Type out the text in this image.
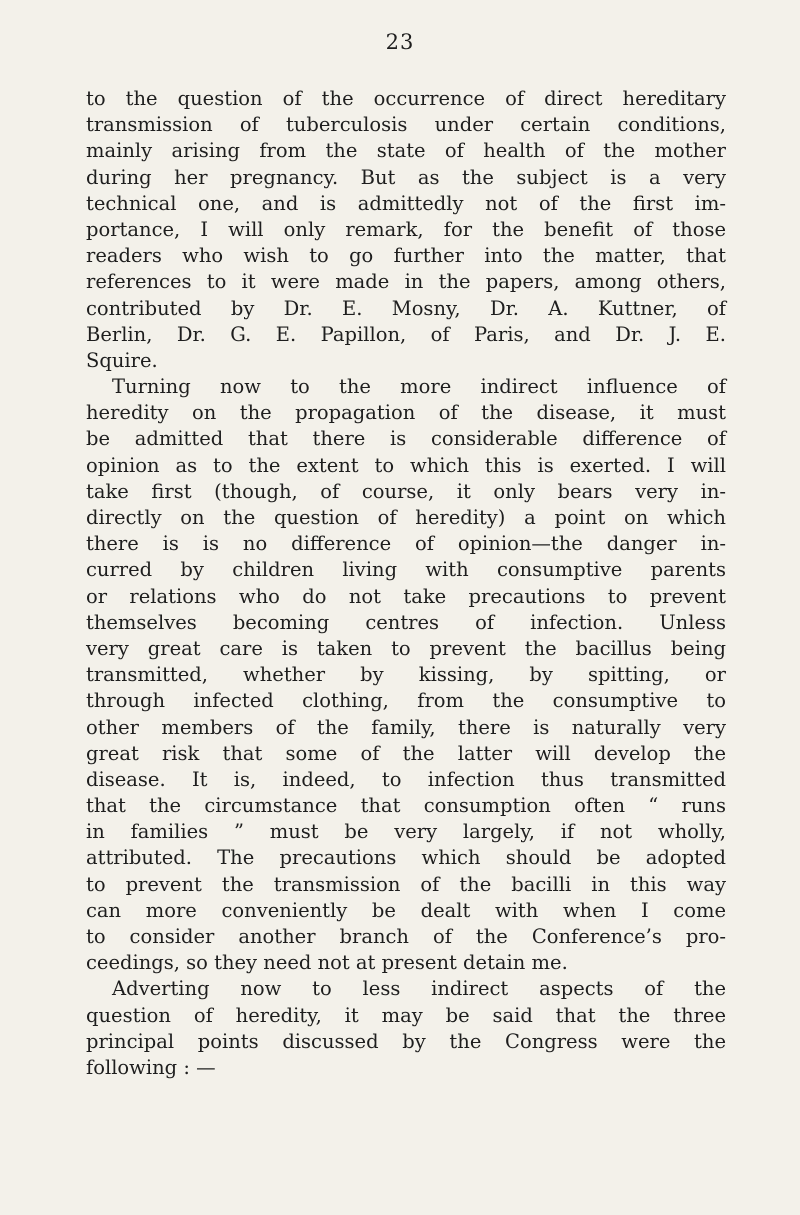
23
to the question of the occurrence of direct hereditary
transmission of tuberculosis under certain conditions,
mainly arising from the state of health of the mother
during her pregnancy. But as the subject is a very
technical one, and is admittedly not of the first im-
portance, I will only remark, for the benefit of those
readers who wish to go further into the matter, that
references to it were made in the papers, among others,
contributed by Dr. E. Mosny, Dr. A. Kuttner, of
Berlin, Dr. G. E. Papillon, of Paris, and Dr. J. E.
Squire.
Turning now to the more indirect influence of
heredity on the propagation of the disease, it must
be admitted that there is considerable difference of
opinion as to the extent to which this is exerted. I will
take first (though, of course, it only bears very in-
directly on the question of heredity) a point on which
there is is no difference of opinion—the danger in-
curred by children living with consumptive parents
or relations who do not take precautions to prevent
themselves becoming centres of infection. Unless
very great care is taken to prevent the bacillus being
transmitted, whether by kissing, by spitting, or
through infected clothing, from the consumptive to
other members of the family, there is naturally very
great risk that some of the latter will develop the
disease. It is, indeed, to infection thus transmitted
that the circumstance that consumption often “ runs
in families ” must be very largely, if not wholly,
attributed. The precautions which should be adopted
to prevent the transmission of the bacilli in this way
can more conveniently be dealt with when I come
to consider another branch of the Conference’s pro-
ceedings, so they need not at present detain me.
Adverting now to less indirect aspects of the
question of heredity, it may be said that the three
principal points discussed by the Congress were the
following : —
